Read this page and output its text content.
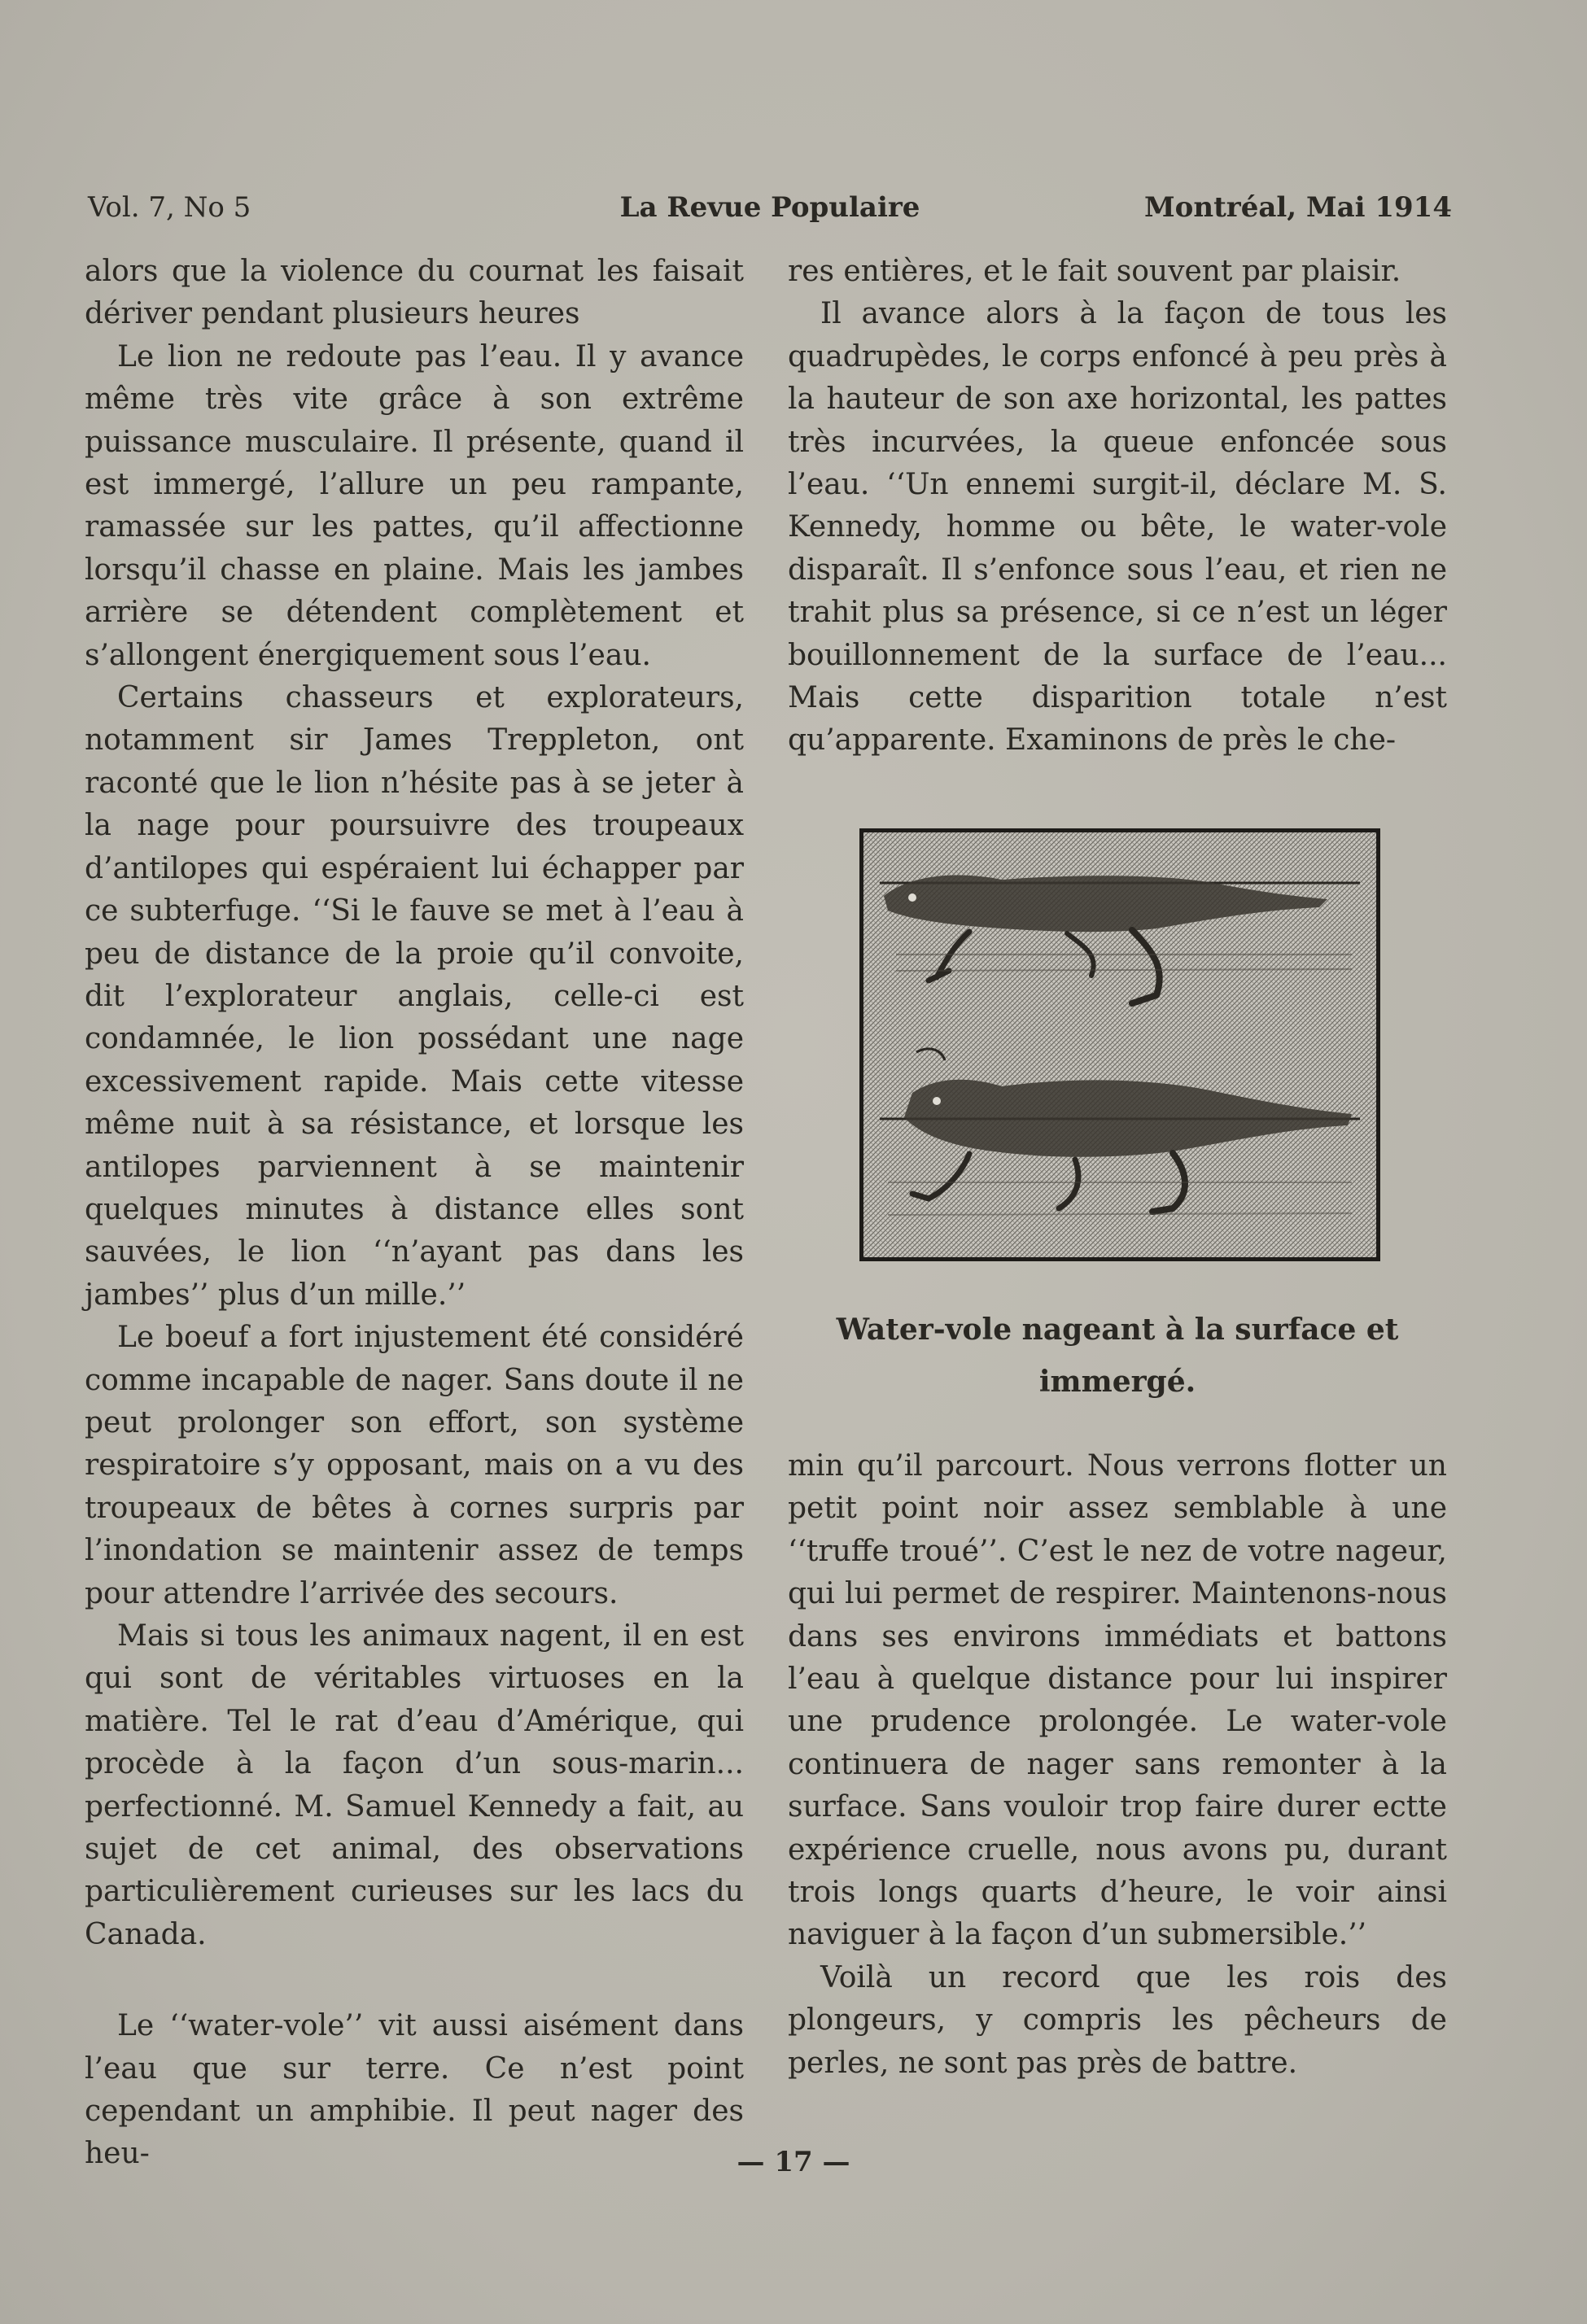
Vol. 7, No 5	La Revue Populaire	Montréal, Mai 1914

alors que la violence du cournat les faisait dériver pendant plusieurs heures

Le lion ne redoute pas l’eau. Il y avance même très vite grâce à son extrême puissance musculaire. Il présente, quand il est immergé, l’allure un peu rampante, ramassée sur les pattes, qu’il affectionne lorsqu’il chasse en plaine. Mais les jambes arrière se détendent complètement et s’allongent énergiquement sous l’eau.

Certains chasseurs et explorateurs, notamment sir James Treppleton, ont raconté que le lion n’hésite pas à se jeter à la nage pour poursuivre des troupeaux d’antilopes qui espéraient lui échapper par ce subterfuge. ‘‘Si le fauve se met à l’eau à peu de distance de la proie qu’il convoite, dit l’explorateur anglais, celle-ci est condamnée, le lion possédant une nage excessivement rapide. Mais cette vitesse même nuit à sa résistance, et lorsque les antilopes parviennent à se maintenir quelques minutes à distance elles sont sauvées, le lion ‘‘n’ayant pas dans les jambes’’ plus d’un mille.’’

Le boeuf a fort injustement été considéré comme incapable de nager. Sans doute il ne peut prolonger son effort, son système respiratoire s’y opposant, mais on a vu des troupeaux de bêtes à cornes surpris par l’inondation se maintenir assez de temps pour attendre l’arrivée des secours.

Mais si tous les animaux nagent, il en est qui sont de véritables virtuoses en la matière. Tel le rat d’eau d’Amérique, qui procède à la façon d’un sous-marin... perfectionné. M. Samuel Kennedy a fait, au sujet de cet animal, des observations particulièrement curieuses sur les lacs du Canada.

Le ‘‘water-vole’’ vit aussi aisément dans l’eau que sur terre. Ce n’est point cependant un amphibie. Il peut nager des heu-

res entières, et le fait souvent par plaisir.

Il avance alors à la façon de tous les quadrupèdes, le corps enfoncé à peu près à la hauteur de son axe horizontal, les pattes très incurvées, la queue enfoncée sous l’eau. ‘‘Un ennemi surgit-il, déclare M. S. Kennedy, homme ou bête, le water-vole disparaît. Il s’enfonce sous l’eau, et rien ne trahit plus sa présence, si ce n’est un léger bouillonnement de la surface de l’eau... Mais cette disparition totale n’est qu’apparente. Examinons de près le che-

Water-vole nageant à la surface et immergé.

min qu’il parcourt. Nous verrons flotter un petit point noir assez semblable à une ‘‘truffe troué’’. C’est le nez de votre nageur, qui lui permet de respirer. Maintenons-nous dans ses environs immédiats et battons l’eau à quelque distance pour lui inspirer une prudence prolongée. Le water-vole continuera de nager sans remonter à la surface. Sans vouloir trop faire durer ectte expérience cruelle, nous avons pu, durant trois longs quarts d’heure, le voir ainsi naviguer à la façon d’un submersible.’’

Voilà un record que les rois des plongeurs, y compris les pêcheurs de perles, ne sont pas près de battre.

— 17 —
